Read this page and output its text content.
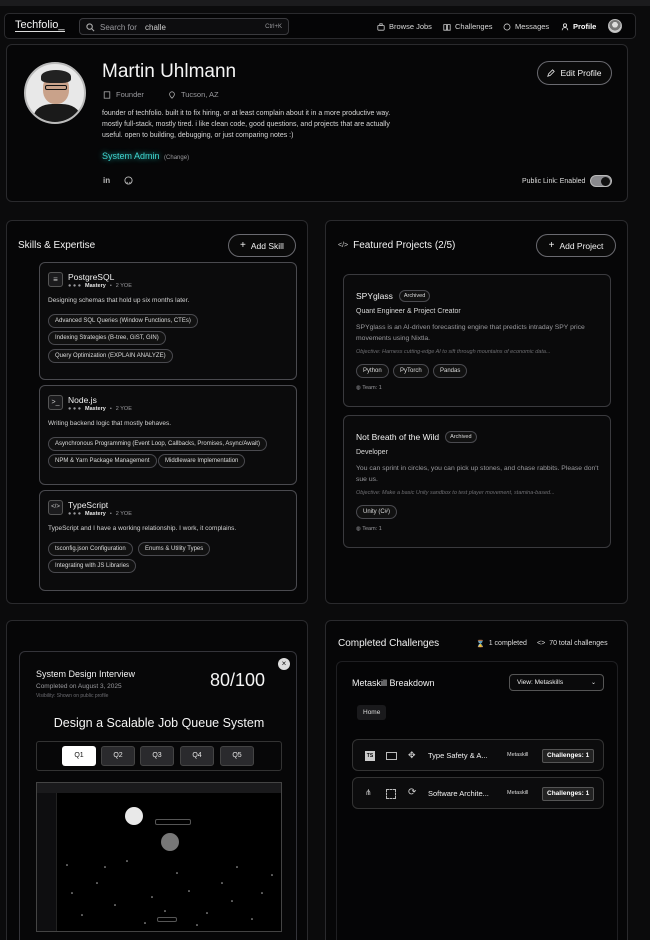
Techfolio_	Search for challe	Ctrl+K	Browse Jobs	Challenges	Messages	Profile
Martin Uhlmann
Founder	Tucson, AZ
founder of techfolio. built it to fix hiring, or at least complain about it in a more productive way. mostly full-stack, mostly tired. i like clean code, good questions, and projects that are actually useful. open to building, debugging, or just comparing notes :)
System Admin (Change)
in
Edit Profile
Public Link: Enabled
Skills & Expertise	+ Add Skill
≡	PostgreSQL
● ● ● Mastery • 2 YOE
Designing schemas that hold up six months later.
Advanced SQL Queries (Window Functions, CTEs)
Indexing Strategies (B-tree, GiST, GIN)
Query Optimization (EXPLAIN ANALYZE)
>_	Node.js
● ● ● Mastery • 2 YOE
Writing backend logic that mostly behaves.
Asynchronous Programming (Event Loop, Callbacks, Promises, Async/Await)
NPM & Yarn Package Management	Middleware Implementation
</> TypeScript
● ● ● Mastery • 2 YOE
TypeScript and I have a working relationship. I work, it complains.
tsconfig.json Configuration	Enums & Utility Types
Integrating with JS Libraries
</> Featured Projects (2/5)	+ Add Project
SPYglass	Archived
Quant Engineer & Project Creator
SPYglass is an AI-driven forecasting engine that predicts intraday SPY price movements using Nixtla.
Objective: Harness cutting-edge AI to sift through mountains of economic data...
Python	PyTorch	Pandas
◍ Team: 1
Not Breath of the Wild	Archived
Developer
You can sprint in circles, you can pick up stones, and chase rabbits. Please don't sue us.
Objective: Make a basic Unity sandbox to test player movement, stamina-based...
Unity (C#)
◍ Team: 1
×
System Design Interview
Completed on August 3, 2025
Visibility: Shown on public profile
80/100
Design a Scalable Job Queue System
Q1	Q2	Q3	Q4	Q5
Completed Challenges	⌛ 1 completed <> 70 total challenges
Metaskill Breakdown	View: Metaskills	⌄
Home
TS	✥ Type Safety & A...	Metaskill	Challenges: 1
⋔	⟳ Software Archite...	Metaskill	Challenges: 1
